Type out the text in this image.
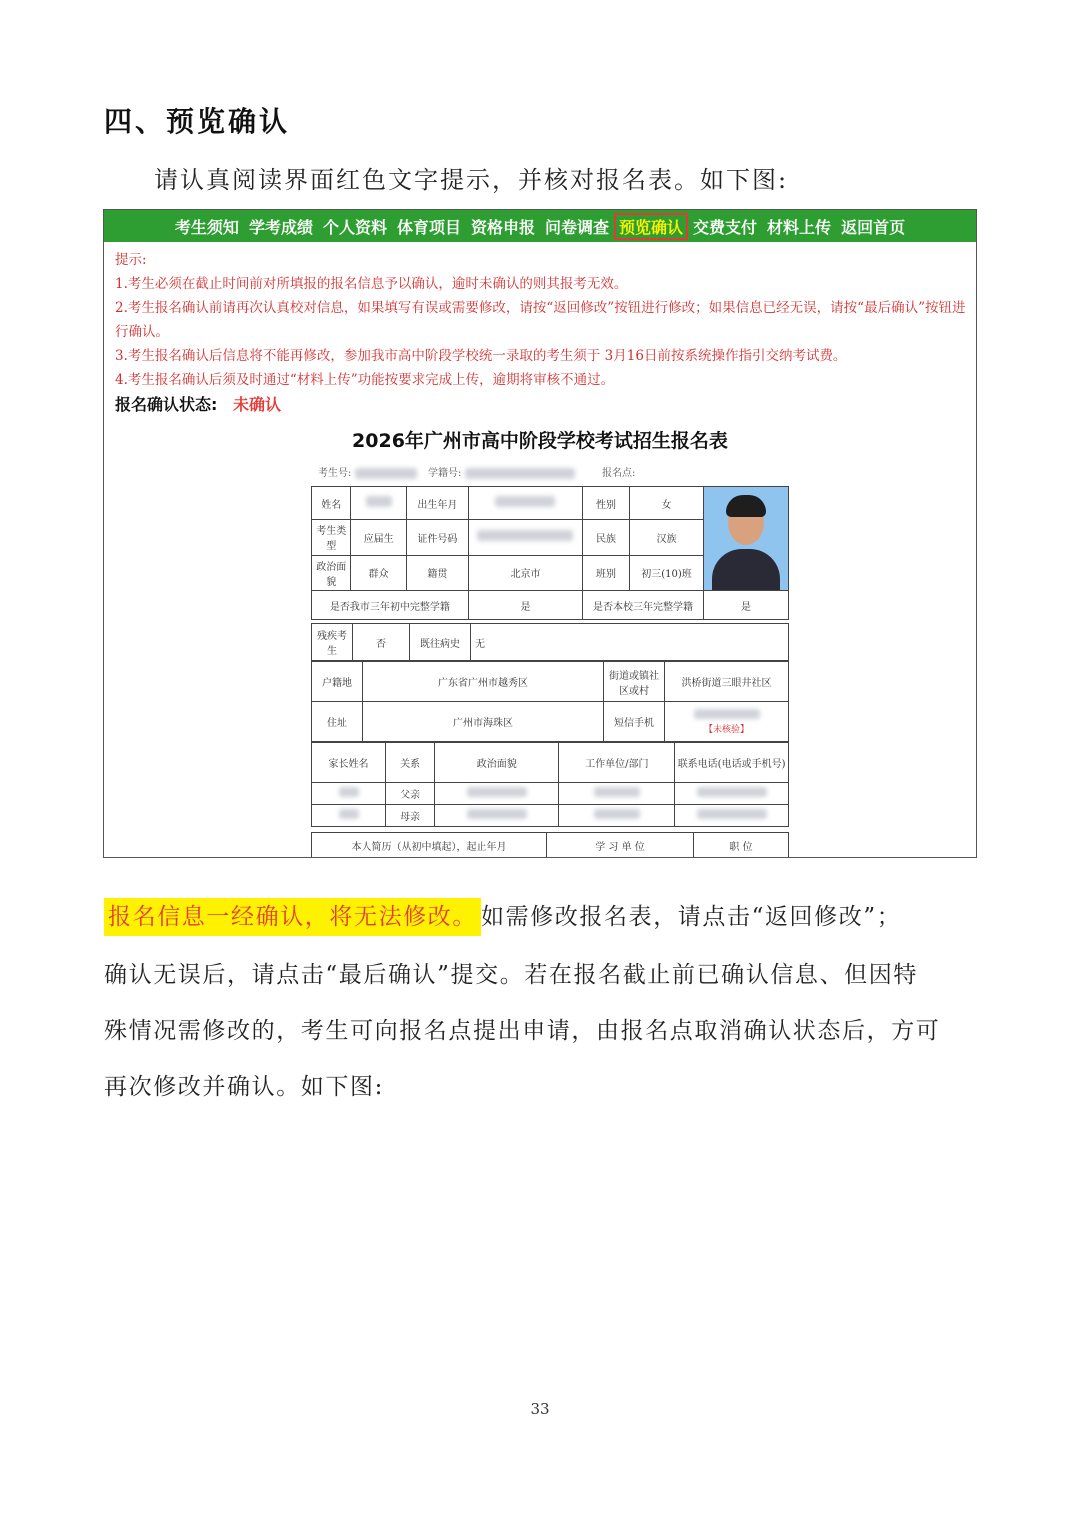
四、预览确认
请认真阅读界面红色文字提示，并核对报名表。如下图:
考生须知 学考成绩 个人资料 体育项目 资格申报 问卷调查 预览确认 交费支付 材料上传 返回首页
提示:
1.考生必须在截止时间前对所填报的报名信息予以确认，逾时未确认的则其报考无效。
2.考生报名确认前请再次认真校对信息，如果填写有误或需要修改，请按“返回修改”按钮进行修改；如果信息已经无误，请按“最后确认”按钮进行确认。
3.考生报名确认后信息将不能再修改，参加我市高中阶段学校统一录取的考生须于 3月16日前按系统操作指引交纳考试费。
4.考生报名确认后须及时通过“材料上传”功能按要求完成上传，逾期将审核不通过。
报名确认状态: 未确认
2026年广州市高中阶段学校考试招生报名表
考生号:	学籍号:	报名点:
姓名		出生年月		性别	女	

考生类型	应届生	证件号码		民族	汉族	
政治面貌	群众	籍贯	北京市	班别	初三(10)班	
是否我市三年初中完整学籍			是	是否本校三年完整学籍		是
残疾考生	否	既往病史	无
户籍地	广东省广州市越秀区	街道或镇社区或村	洪桥街道三眼井社区
住址	广州市海珠区	短信手机	【未核验】
家长姓名	关系	政治面貌	工作单位/部门	联系电话(电话或手机号)
	父亲			
	母亲			
本人简历（从初中填起），起止年月	学 习 单 位	职 位
报名信息一经确认，将无法修改。 如需修改报名表，请点击“返回修改”；
确认无误后，请点击“最后确认”提交。若在报名截止前已确认信息、但因特
殊情况需修改的，考生可向报名点提出申请，由报名点取消确认状态后，方可
再次修改并确认。如下图:
33
